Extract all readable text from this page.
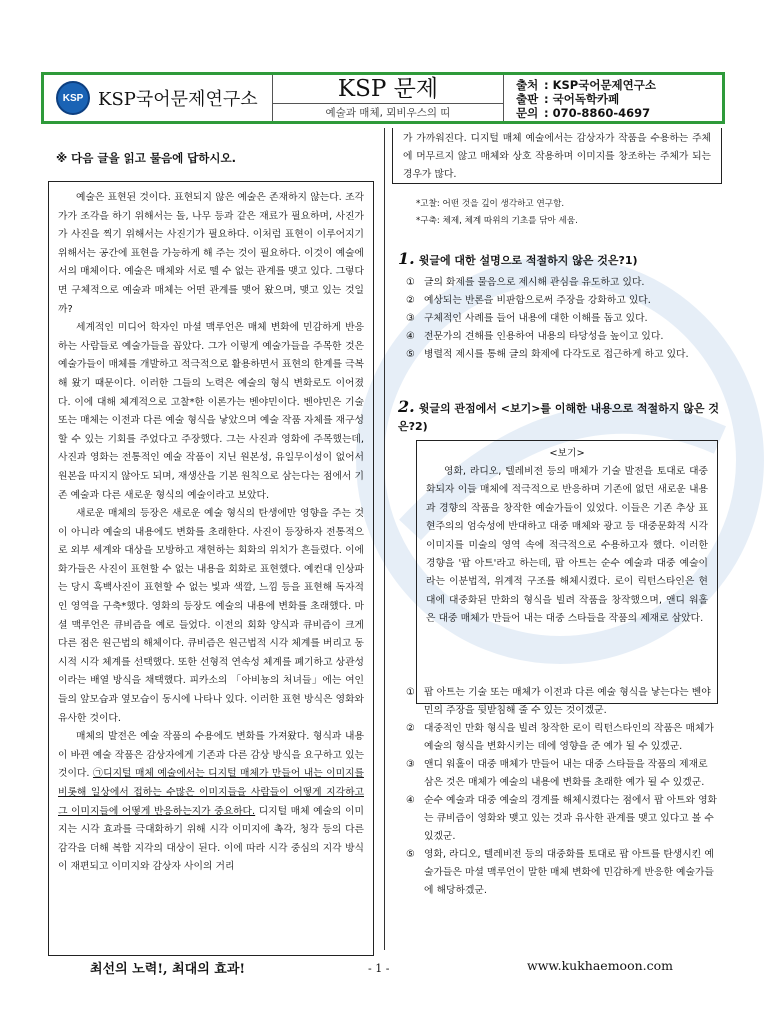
KSP KSP국어문제연구소	KSP 문제
예술과 매체, 뫼비우스의 띠
출처 : KSP국어문제연구소
출판 : 국어독학카페
문의 : 070-8860-4697
※ 다음 글을 읽고 물음에 답하시오.

예술은 표현된 것이다. 표현되지 않은 예술은 존재하지 않는다. 조각가가 조각을 하기 위해서는 돌, 나무 등과 같은 재료가 필요하며, 사진가가 사진을 찍기 위해서는 사진기가 필요하다. 이처럼 표현이 이루어지기 위해서는 공간에 표현을 가능하게 해 주는 것이 필요하다. 이것이 예술에서의 매체이다. 예술은 매체와 서로 뗄 수 없는 관계를 맺고 있다. 그렇다면 구체적으로 예술과 매체는 어떤 관계를 맺어 왔으며, 맺고 있는 것일까?

세계적인 미디어 학자인 마셜 맥루언은 매체 변화에 민감하게 반응하는 사람들로 예술가들을 꼽았다. 그가 이렇게 예술가들을 주목한 것은 예술가들이 매체를 개발하고 적극적으로 활용하면서 표현의 한계를 극복해 왔기 때문이다. 이러한 그들의 노력은 예술의 형식 변화로도 이어졌다. 이에 대해 체계적으로 고찰*한 이론가는 벤야민이다. 벤야민은 기술 또는 매체는 이전과 다른 예술 형식을 낳았으며 예술 작품 자체를 재구성할 수 있는 기회를 주었다고 주장했다. 그는 사진과 영화에 주목했는데, 사진과 영화는 전통적인 예술 작품이 지닌 원본성, 유일무이성이 없어서 원본을 따지지 않아도 되며, 재생산을 기본 원칙으로 삼는다는 점에서 기존 예술과 다른 새로운 형식의 예술이라고 보았다.

새로운 매체의 등장은 새로운 예술 형식의 탄생에만 영향을 주는 것이 아니라 예술의 내용에도 변화를 초래한다. 사진이 등장하자 전통적으로 외부 세계와 대상을 모방하고 재현하는 회화의 위치가 흔들렸다. 이에 화가들은 사진이 표현할 수 없는 내용을 회화로 표현했다. 예컨대 인상파는 당시 흑백사진이 표현할 수 없는 빛과 색깔, 느낌 등을 표현해 독자적인 영역을 구축*했다. 영화의 등장도 예술의 내용에 변화를 초래했다. 마셜 맥루언은 큐비즘을 예로 들었다. 이전의 회화 양식과 큐비즘이 크게 다른 점은 원근법의 해체이다. 큐비즘은 원근법적 시각 체계를 버리고 동시적 시각 체계를 선택했다. 또한 선형적 연속성 체계를 폐기하고 상관성이라는 배열 방식을 채택했다. 피카소의 「아비뇽의 처녀들」에는 여인들의 앞모습과 옆모습이 동시에 나타나 있다. 이러한 표현 방식은 영화와 유사한 것이다.

매체의 발전은 예술 작품의 수용에도 변화를 가져왔다. 형식과 내용이 바뀐 예술 작품은 감상자에게 기존과 다른 감상 방식을 요구하고 있는 것이다. ㉠디지털 매체 예술에서는 디지털 매체가 만들어 내는 이미지를 비롯해 일상에서 접하는 수많은 이미지들을 사람들이 어떻게 지각하고 그 이미지들에 어떻게 반응하는지가 중요하다. 디지털 매체 예술의 이미지는 시각 효과를 극대화하기 위해 시각 이미지에 촉각, 청각 등의 다른 감각을 더해 복합 지각의 대상이 된다. 이에 따라 시각 중심의 지각 방식이 재편되고 이미지와 감상자 사이의 거리

가 가까워진다. 디지털 매체 예술에서는 감상자가 작품을 수용하는 주체에 머무르지 않고 매체와 상호 작용하며 이미지를 창조하는 주체가 되는 경우가 많다.
*고찰: 어떤 것을 깊이 생각하고 연구함.
*구축: 체제, 체계 따위의 기초를 닦아 세움.
1. 윗글에 대한 설명으로 적절하지 않은 것은?1)
① 글의 화제를 물음으로 제시해 관심을 유도하고 있다.
② 예상되는 반론을 비판함으로써 주장을 강화하고 있다.
③ 구체적인 사례를 들어 내용에 대한 이해를 돕고 있다.
④ 전문가의 견해를 인용하여 내용의 타당성을 높이고 있다.
⑤ 병렬적 제시를 통해 글의 화제에 다각도로 접근하게 하고 있다.
2. 윗글의 관점에서 <보기>를 이해한 내용으로 적절하지 않은 것은?2)
<보기>
영화, 라디오, 텔레비전 등의 매체가 기술 발전을 토대로 대중화되자 이들 매체에 적극적으로 반응하며 기존에 없던 새로운 내용과 경향의 작품을 창작한 예술가들이 있었다. 이들은 기존 추상 표현주의의 엄숙성에 반대하고 대중 매체와 광고 등 대중문화적 시각 이미지를 미술의 영역 속에 적극적으로 수용하고자 했다. 이러한 경향을 '팝 아트'라고 하는데, 팝 아트는 순수 예술과 대중 예술이라는 이분법적, 위계적 구조를 해체시켰다. 로이 릭턴스타인은 현대에 대중화된 만화의 형식을 빌려 작품을 창작했으며, 앤디 워홀은 대중 매체가 만들어 내는 대중 스타들을 작품의 제재로 삼았다.
① 팝 아트는 기술 또는 매체가 이전과 다른 예술 형식을 낳는다는 벤야민의 주장을 뒷받침해 줄 수 있는 것이겠군.
② 대중적인 만화 형식을 빌려 창작한 로이 릭턴스타인의 작품은 매체가 예술의 형식을 변화시키는 데에 영향을 준 예가 될 수 있겠군.
③ 앤디 워홀이 대중 매체가 만들어 내는 대중 스타들을 작품의 제재로 삼은 것은 매체가 예술의 내용에 변화를 초래한 예가 될 수 있겠군.
④ 순수 예술과 대중 예술의 경계를 해체시켰다는 점에서 팝 아트와 영화는 큐비즘이 영화와 맺고 있는 것과 유사한 관계를 맺고 있다고 볼 수 있겠군.
⑤ 영화, 라디오, 텔레비전 등의 대중화를 토대로 팝 아트를 탄생시킨 예술가들은 마셜 맥루언이 말한 매체 변화에 민감하게 반응한 예술가들에 해당하겠군.
최선의 노력!, 최대의 효과!	- 1 -	www.kukhaemoon.com
